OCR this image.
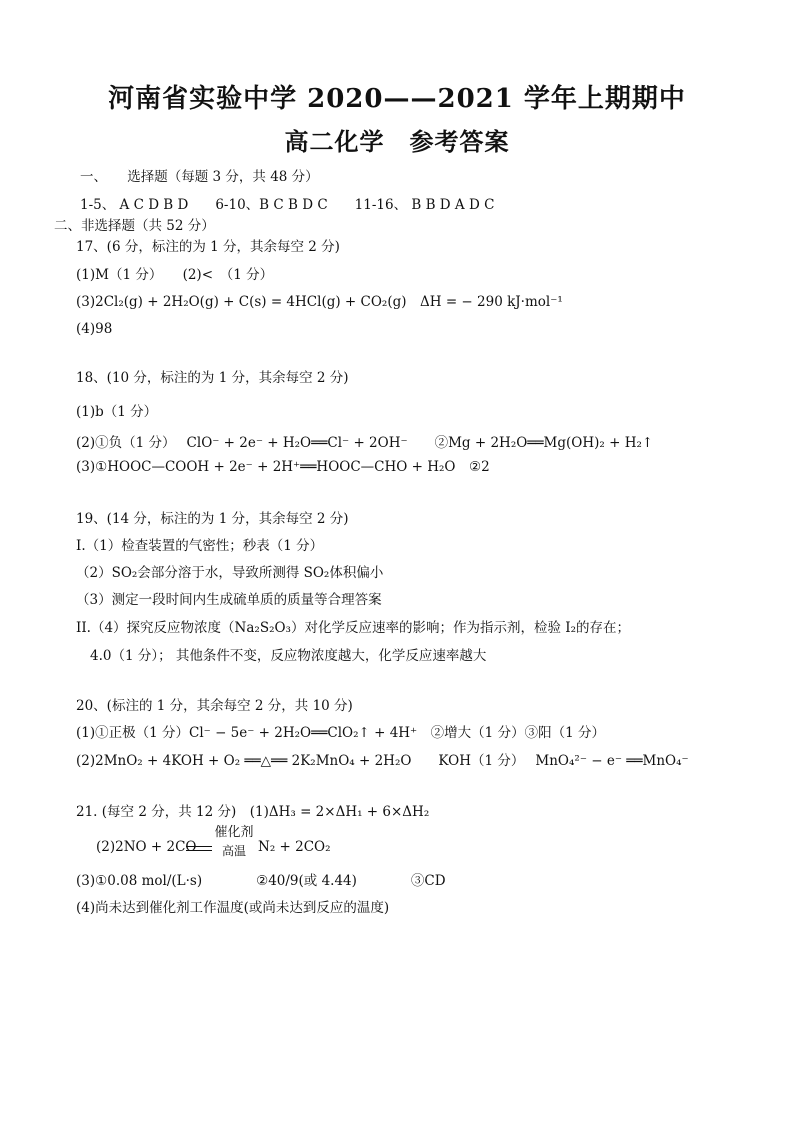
河南省实验中学 2020——2021 学年上期期中
高二化学　参考答案
一、　　选择题（每题 3 分，共 48 分）
1-5、 A C D B D　　6-10、B C B D C　　11-16、 B B D A D C
二、非选择题（共 52 分）
17、(6 分，标注的为 1 分，其余每空 2 分)
(1)M（1 分）　　(2)<　（1 分）
(3)2Cl₂(g) + 2H₂O(g) + C(s) = 4HCl(g) + CO₂(g)　ΔH = − 290 kJ·mol⁻¹
(4)98
18、(10 分，标注的为 1 分，其余每空 2 分)
(1)b（1 分）
(2)①负（1 分）　 ClO⁻ + 2e⁻ + H₂O══Cl⁻ + 2OH⁻　　②Mg + 2H₂O══Mg(OH)₂ + H₂↑
(3)①HOOC—COOH + 2e⁻ + 2H⁺══HOOC—CHO + H₂O　②2
19、(14 分，标注的为 1 分，其余每空 2 分)
I.（1）检查装置的气密性；秒表（1 分）
（2）SO₂会部分溶于水，导致所测得 SO₂体积偏小
（3）测定一段时间内生成硫单质的质量等合理答案
II.（4）探究反应物浓度（Na₂S₂O₃）对化学反应速率的影响；作为指示剂，检验 I₂的存在；
4.0（1 分）； 其他条件不变，反应物浓度越大，化学反应速率越大
20、(标注的 1 分，其余每空 2 分，共 10 分)
(1)①正极（1 分）Cl⁻ − 5e⁻ + 2H₂O══ClO₂↑ + 4H⁺　②增大（1 分）③阳（1 分）
(2)2MnO₂ + 4KOH + O₂ ══△══ 2K₂MnO₄ + 2H₂O　　KOH（1 分）　 MnO₄²⁻ − e⁻ ══MnO₄⁻
21. (每空 2 分，共 12 分)　(1)ΔH₃ = 2×ΔH₁ + 6×ΔH₂
(2)2NO + 2CO
催化剂
高温 N₂ + 2CO₂
(3)①0.08 mol/(L·s)　　　　②40/9(或 4.44)　　　　③CD
(4)尚未达到催化剂工作温度(或尚未达到反应的温度)
